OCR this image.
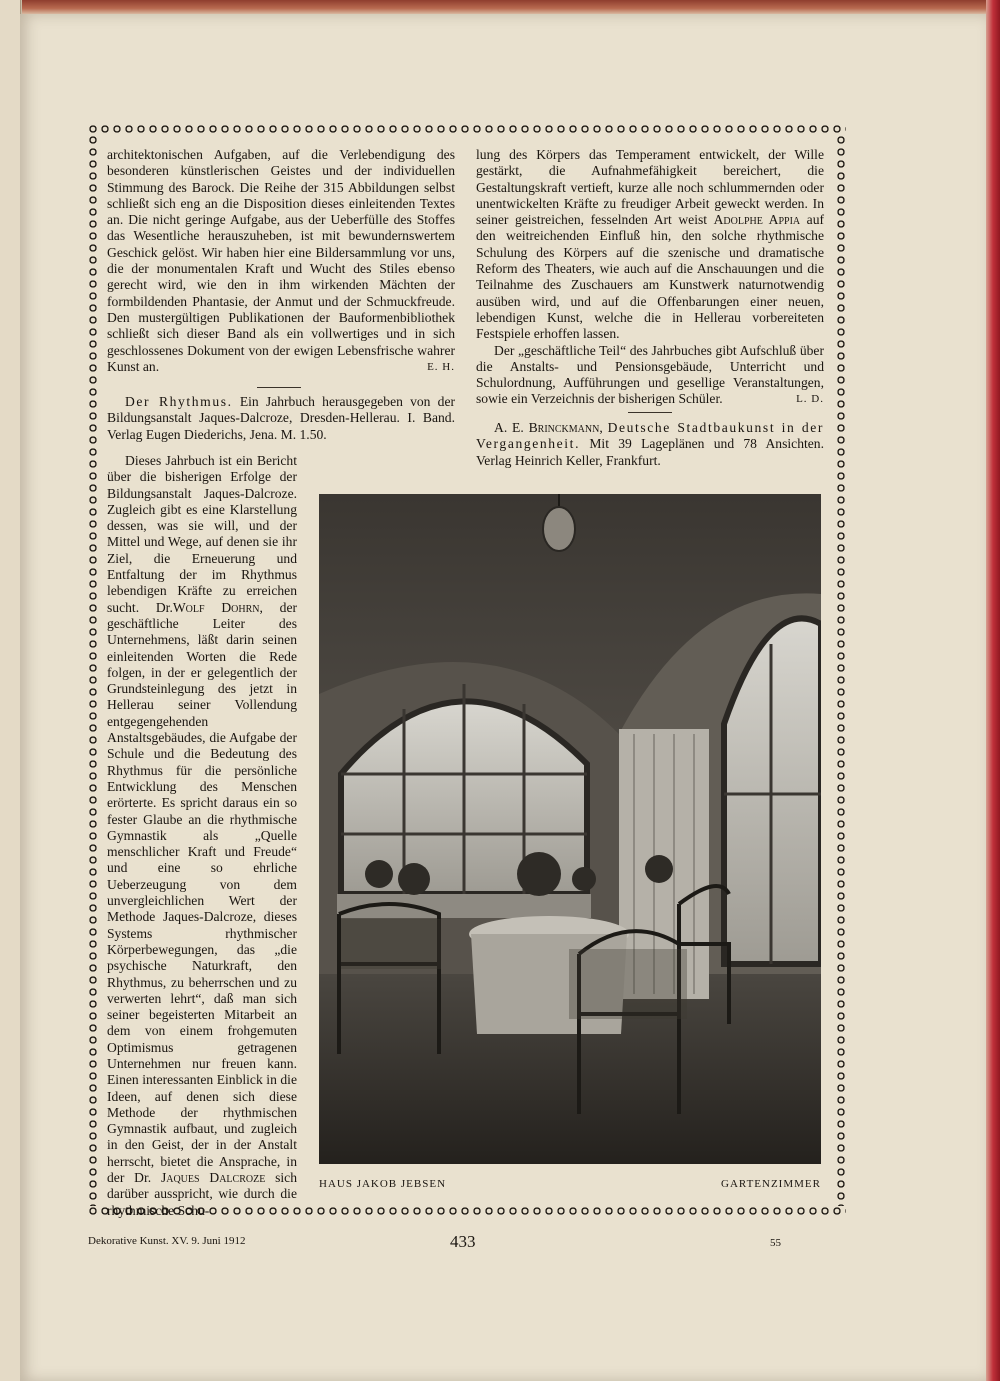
architektonischen Aufgaben, auf die Verlebendigung des besonderen künstlerischen Geistes und der individuellen Stimmung des Barock. Die Reihe der 315 Abbildungen selbst schließt sich eng an die Disposition dieses einleitenden Textes an. Die nicht geringe Aufgabe, aus der Ueberfülle des Stoffes das Wesentliche herauszuheben, ist mit bewundernswertem Geschick gelöst. Wir haben hier eine Bildersammlung vor uns, die der monumentalen Kraft und Wucht des Stiles ebenso gerecht wird, wie den in ihm wirkenden Mächten der formbildenden Phantasie, der Anmut und der Schmuckfreude. Den mustergültigen Publikationen der Bauformenbibliothek schließt sich dieser Band als ein vollwertiges und in sich geschlossenes Dokument von der ewigen Lebensfrische wahrer Kunst an.	E. H.

Der Rhythmus. Ein Jahrbuch herausgegeben von der Bildungsanstalt Jaques-Dalcroze, Dresden-Hellerau. I. Band. Verlag Eugen Diederichs, Jena. M. 1.50.

Dieses Jahrbuch ist ein Bericht über die bisherigen Erfolge der Bildungsanstalt Jaques-Dalcroze. Zugleich gibt es eine Klarstellung dessen, was sie will, und der Mittel und Wege, auf denen sie ihr Ziel, die Erneuerung und Entfaltung der im Rhythmus lebendigen Kräfte zu erreichen sucht. Dr.Wolf Dohrn, der geschäftliche Leiter des Unternehmens, läßt darin seinen einleitenden Worten die Rede folgen, in der er gelegentlich der Grundsteinlegung des jetzt in Hellerau seiner Vollendung entgegengehenden Anstaltsgebäudes, die Aufgabe der Schule und die Bedeutung des Rhythmus für die persönliche Entwicklung des Menschen erörterte. Es spricht daraus ein so fester Glaube an die rhythmische Gymnastik als „Quelle menschlicher Kraft und Freude“ und eine so ehrliche Ueberzeugung von dem unvergleichlichen Wert der Methode Jaques-Dalcroze, dieses Systems rhythmischer Körperbewegungen, das „die psychische Naturkraft, den Rhythmus, zu beherrschen und zu verwerten lehrt“, daß man sich seiner begeisterten Mitarbeit an dem von einem frohgemuten Optimismus getragenen Unternehmen nur freuen kann. Einen interessanten Einblick in die Ideen, auf denen sich diese Methode der rhythmischen Gymnastik aufbaut, und zugleich in den Geist, der in der Anstalt herrscht, bietet die Ansprache, in der Dr. Jaques Dalcroze sich darüber ausspricht, wie durch die rhythmische Schu-

lung des Körpers das Temperament entwickelt, der Wille gestärkt, die Aufnahmefähigkeit bereichert, die Gestaltungskraft vertieft, kurze alle noch schlummernden oder unentwickelten Kräfte zu freudiger Arbeit geweckt werden. In seiner geistreichen, fesselnden Art weist Adolphe Appia auf den weitreichenden Einfluß hin, den solche rhythmische Schulung des Körpers auf die szenische und dramatische Reform des Theaters, wie auch auf die Anschauungen und die Teilnahme des Zuschauers am Kunstwerk naturnotwendig ausüben wird, und auf die Offenbarungen einer neuen, lebendigen Kunst, welche die in Hellerau vorbereiteten Festspiele erhoffen lassen.

Der „geschäftliche Teil“ des Jahrbuches gibt Aufschluß über die Anstalts- und Pensionsgebäude, Unterricht und Schulordnung, Aufführungen und gesellige Veranstaltungen, sowie ein Verzeichnis der bisherigen Schüler.	L. D.

A. E. Brinckmann, Deutsche Stadtbaukunst in der Vergangenheit. Mit 39 Lageplänen und 78 Ansichten. Verlag Heinrich Keller, Frankfurt.

HAUS JAKOB JEBSEN	GARTENZIMMER
Dekorative Kunst. XV. 9. Juni 1912	433	55
